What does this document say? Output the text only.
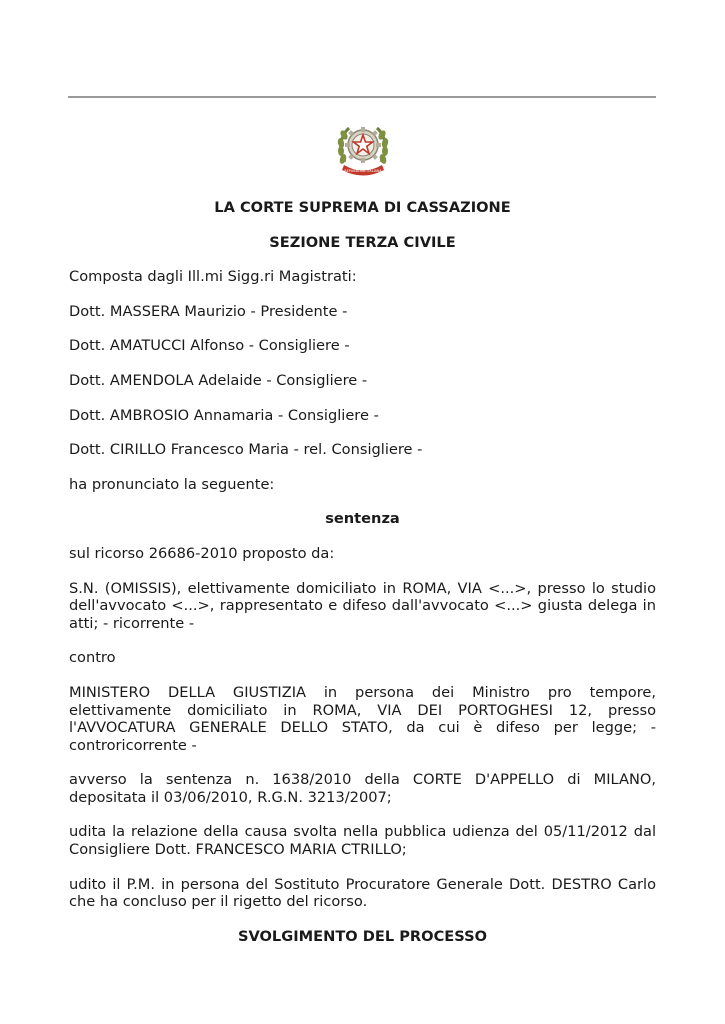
REPUBBLICA ITALIANA

LA CORTE SUPREMA DI CASSAZIONE

SEZIONE TERZA CIVILE

Composta dagli Ill.mi Sigg.ri Magistrati:

Dott. MASSERA Maurizio - Presidente -

Dott. AMATUCCI Alfonso - Consigliere -

Dott. AMENDOLA Adelaide - Consigliere -

Dott. AMBROSIO Annamaria - Consigliere -

Dott. CIRILLO Francesco Maria - rel. Consigliere -

ha pronunciato la seguente:

sentenza

sul ricorso 26686-2010 proposto da:

S.N. (OMISSIS), elettivamente domiciliato in ROMA, VIA <...>, presso lo studio dell'avvocato <...>, rappresentato e difeso dall'avvocato <...> giusta delega in atti; - ricorrente -

contro

MINISTERO DELLA GIUSTIZIA in persona dei Ministro pro tempore, elettivamente domiciliato in ROMA, VIA DEI PORTOGHESI 12, presso l'AVVOCATURA GENERALE DELLO STATO, da cui è difeso per legge; - controricorrente -

avverso la sentenza n. 1638/2010 della CORTE D'APPELLO di MILANO, depositata il 03/06/2010, R.G.N. 3213/2007;

udita la relazione della causa svolta nella pubblica udienza del 05/11/2012 dal Consigliere Dott. FRANCESCO MARIA CTRILLO;

udito il P.M. in persona del Sostituto Procuratore Generale Dott. DESTRO Carlo che ha concluso per il rigetto del ricorso.

SVOLGIMENTO DEL PROCESSO
